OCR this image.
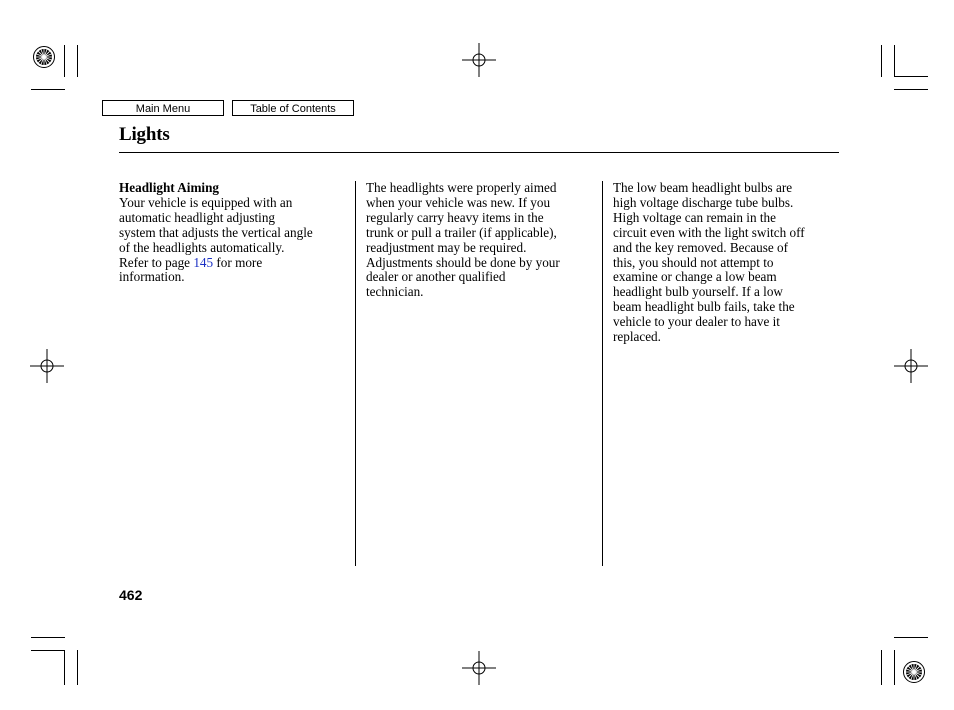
Main Menu	Table of Contents
Lights

Headlight Aiming

Your vehicle is equipped with an

automatic headlight adjusting

system that adjusts the vertical angle

of the headlights automatically.

Refer to page 145 for more

information.

The headlights were properly aimed

when your vehicle was new. If you

regularly carry heavy items in the

trunk or pull a trailer (if applicable),

readjustment may be required.

Adjustments should be done by your

dealer or another qualified

technician.

The low beam headlight bulbs are

high voltage discharge tube bulbs.

High voltage can remain in the

circuit even with the light switch off

and the key removed. Because of

this, you should not attempt to

examine or change a low beam

headlight bulb yourself. If a low

beam headlight bulb fails, take the

vehicle to your dealer to have it

replaced.

462
